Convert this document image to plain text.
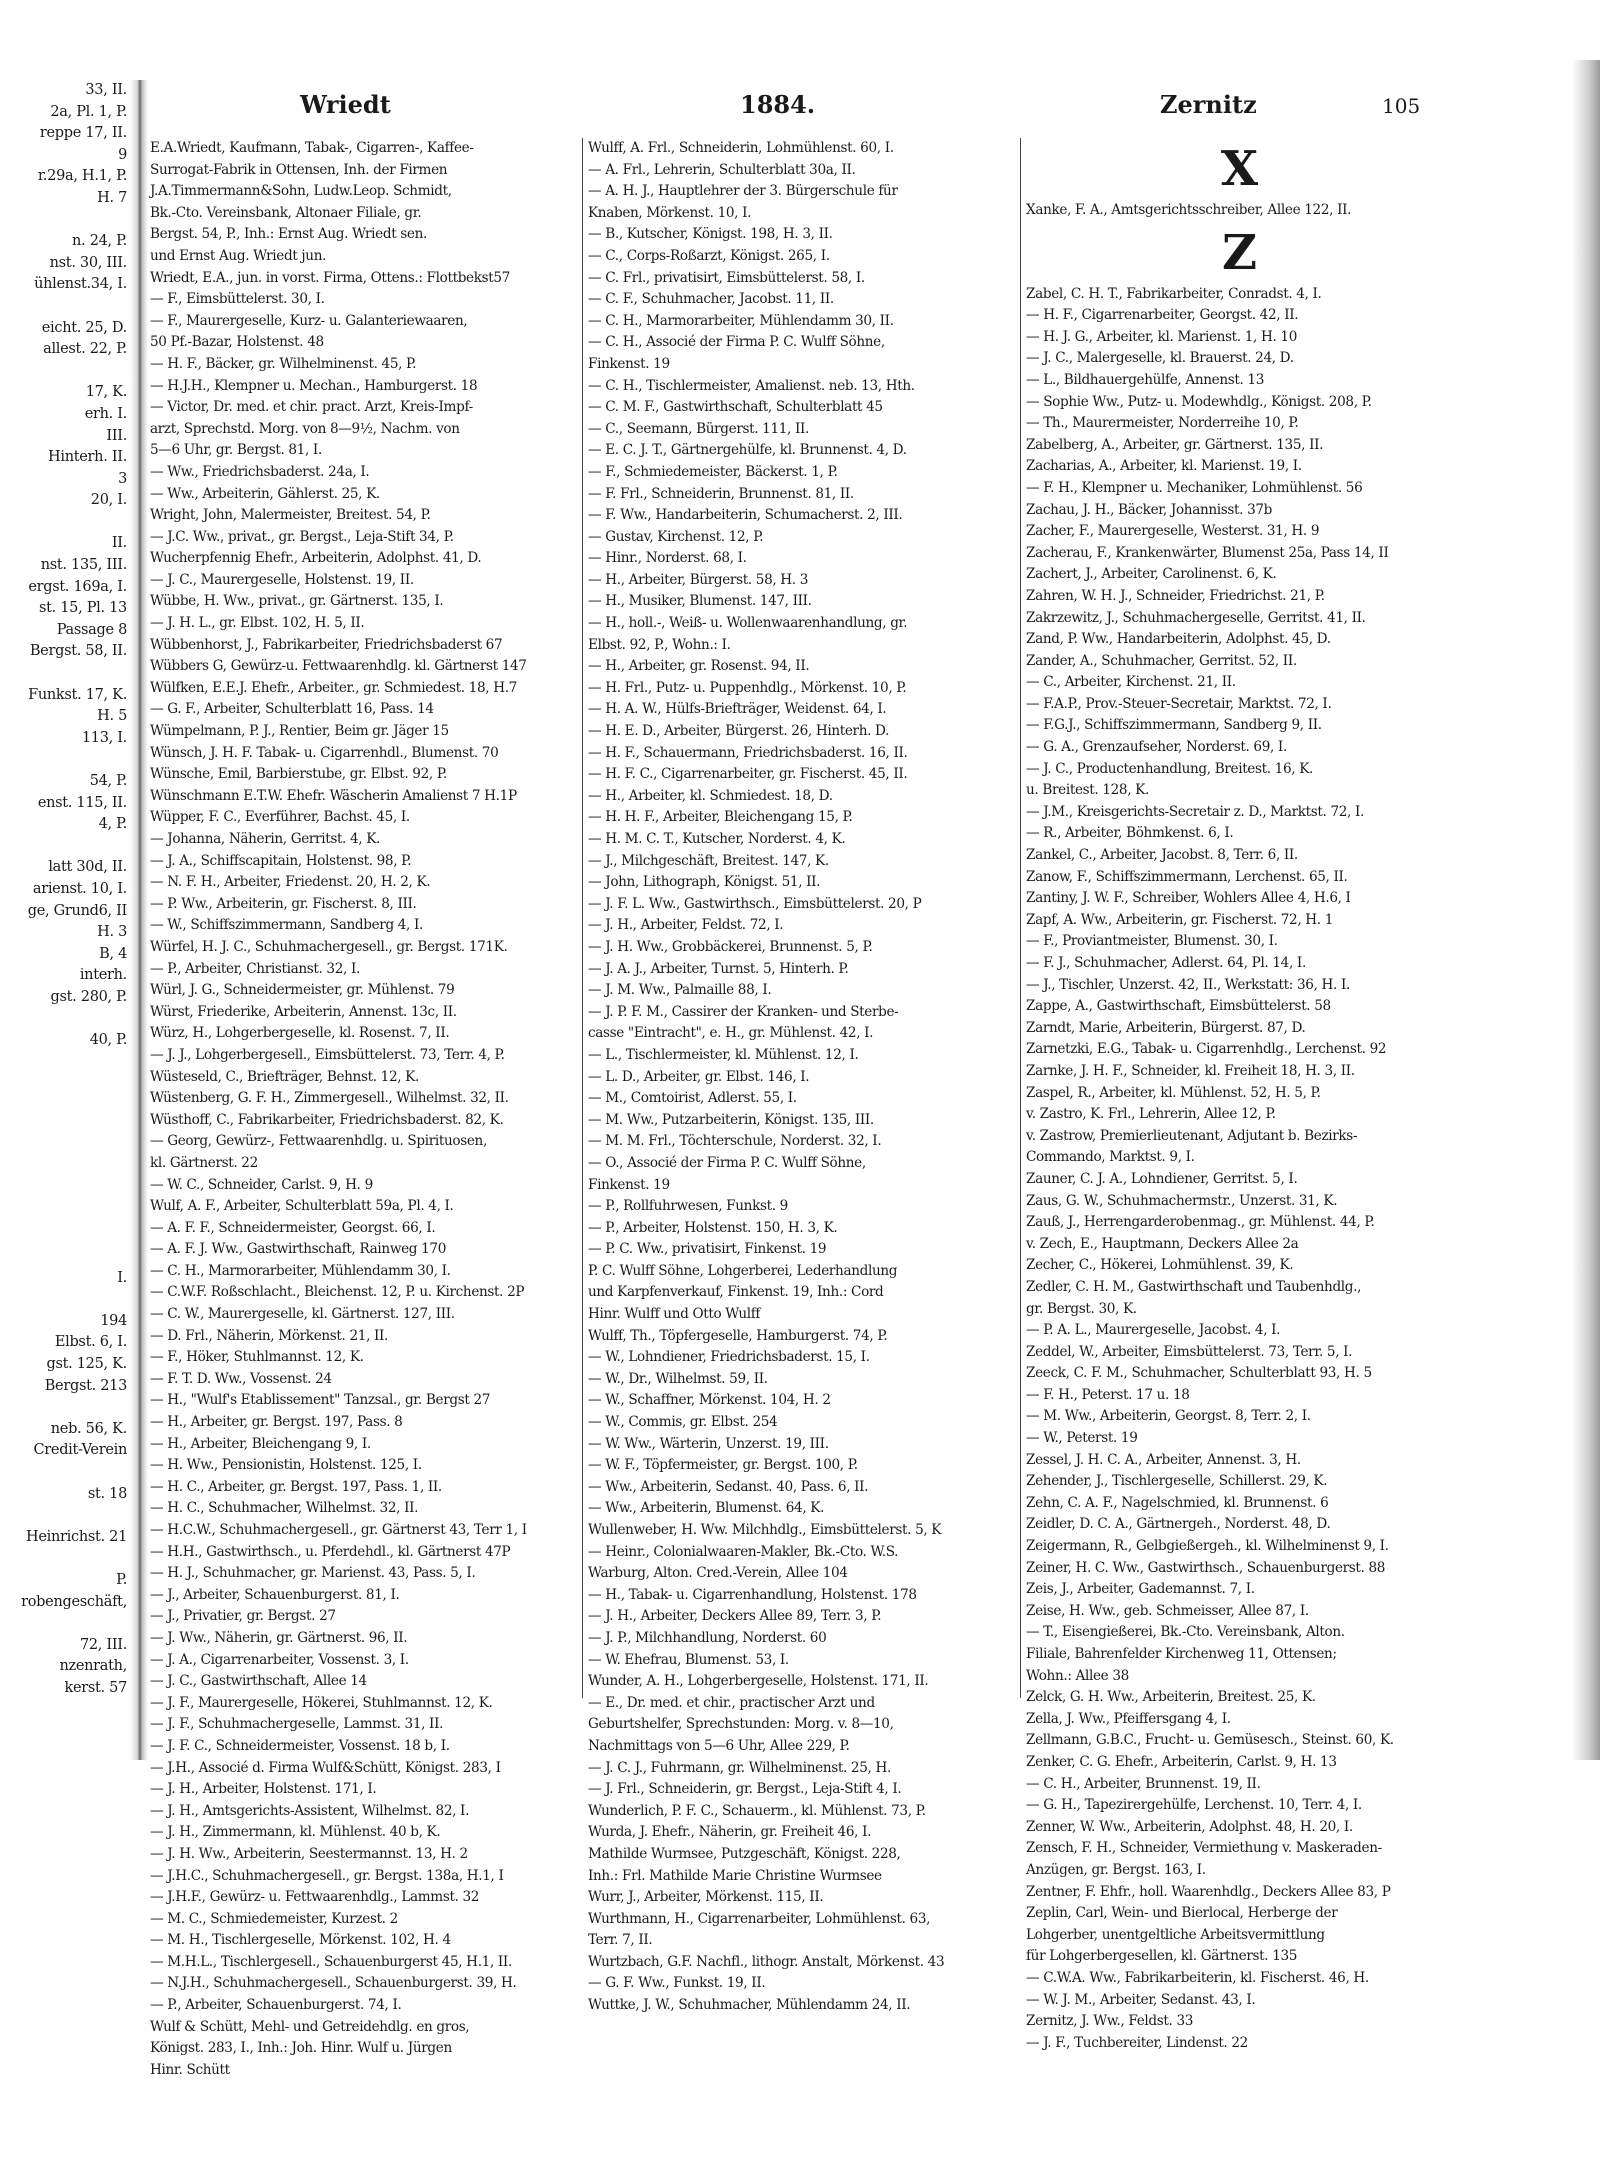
33, II.
2a, Pl. 1, P.
reppe 17, II.
9
r.29a, H.1, P.
H. 7

n. 24, P.
nst. 30, III.
ühlenst.34, I.

eicht. 25, D.
allest. 22, P.

17, K.
erh. I.
III.
Hinterh. II.
3
20, I.

II.
nst. 135, III.
ergst. 169a, I.
st. 15, Pl. 13
Passage 8
Bergst. 58, II.

Funkst. 17, K.
H. 5
113, I.

54, P.
enst. 115, II.
4, P.

latt 30d, II.
arienst. 10, I.
ge, Grund6, II
H. 3
B, 4
interh.
gst. 280, P.

40, P.

I.

194
Elbst. 6, I.
gst. 125, K.
Bergst. 213

neb. 56, K.
Credit-Verein

st. 18

Heinrichst. 21

P.
robengeschäft,

72, III.
nzenrath,
kerst. 57
Wriedt	1884.	Zernitz	105
E.A.Wriedt, Kaufmann, Tabak-, Cigarren-, Kaffee-
Surrogat-Fabrik in Ottensen, Inh. der Firmen
J.A.Timmermann&Sohn, Ludw.Leop. Schmidt,
Bk.-Cto. Vereinsbank, Altonaer Filiale, gr.
Bergst. 54, P., Inh.: Ernst Aug. Wriedt sen.
und Ernst Aug. Wriedt jun.
Wriedt, E.A., jun. in vorst. Firma, Ottens.: Flottbekst57
— F., Eimsbüttelerst. 30, I.
— F., Maurergeselle, Kurz- u. Galanteriewaaren,
50 Pf.-Bazar, Holstenst. 48
— H. F., Bäcker, gr. Wilhelminenst. 45, P.
— H.J.H., Klempner u. Mechan., Hamburgerst. 18
— Victor, Dr. med. et chir. pract. Arzt, Kreis-Impf-
arzt, Sprechstd. Morg. von 8—9½, Nachm. von
5—6 Uhr, gr. Bergst. 81, I.
— Ww., Friedrichsbaderst. 24a, I.
— Ww., Arbeiterin, Gählerst. 25, K.
Wright, John, Malermeister, Breitest. 54, P.
— J.C. Ww., privat., gr. Bergst., Leja-Stift 34, P.
Wucherpfennig Ehefr., Arbeiterin, Adolphst. 41, D.
— J. C., Maurergeselle, Holstenst. 19, II.
Wübbe, H. Ww., privat., gr. Gärtnerst. 135, I.
— J. H. L., gr. Elbst. 102, H. 5, II.
Wübbenhorst, J., Fabrikarbeiter, Friedrichsbaderst 67
Wübbers G, Gewürz-u. Fettwaarenhdlg. kl. Gärtnerst 147
Wülfken, E.E.J. Ehefr., Arbeiter., gr. Schmiedest. 18, H.7
— G. F., Arbeiter, Schulterblatt 16, Pass. 14
Wümpelmann, P. J., Rentier, Beim gr. Jäger 15
Wünsch, J. H. F. Tabak- u. Cigarrenhdl., Blumenst. 70
Wünsche, Emil, Barbierstube, gr. Elbst. 92, P.
Wünschmann E.T.W. Ehefr. Wäscherin Amalienst 7 H.1P
Wüpper, F. C., Everführer, Bachst. 45, I.
— Johanna, Näherin, Gerritst. 4, K.
— J. A., Schiffscapitain, Holstenst. 98, P.
— N. F. H., Arbeiter, Friedenst. 20, H. 2, K.
— P. Ww., Arbeiterin, gr. Fischerst. 8, III.
— W., Schiffszimmermann, Sandberg 4, I.
Würfel, H. J. C., Schuhmachergesell., gr. Bergst. 171K.
— P., Arbeiter, Christianst. 32, I.
Würl, J. G., Schneidermeister, gr. Mühlenst. 79
Würst, Friederike, Arbeiterin, Annenst. 13c, II.
Würz, H., Lohgerbergeselle, kl. Rosenst. 7, II.
— J. J., Lohgerbergesell., Eimsbüttelerst. 73, Terr. 4, P.
Wüsteseld, C., Briefträger, Behnst. 12, K.
Wüstenberg, G. F. H., Zimmergesell., Wilhelmst. 32, II.
Wüsthoff, C., Fabrikarbeiter, Friedrichsbaderst. 82, K.
— Georg, Gewürz-, Fettwaarenhdlg. u. Spirituosen,
kl. Gärtnerst. 22
— W. C., Schneider, Carlst. 9, H. 9
Wulf, A. F., Arbeiter, Schulterblatt 59a, Pl. 4, I.
— A. F. F., Schneidermeister, Georgst. 66, I.
— A. F. J. Ww., Gastwirthschaft, Rainweg 170
— C. H., Marmorarbeiter, Mühlendamm 30, I.
— C.W.F. Roßschlacht., Bleichenst. 12, P. u. Kirchenst. 2P
— C. W., Maurergeselle, kl. Gärtnerst. 127, III.
— D. Frl., Näherin, Mörkenst. 21, II.
— F., Höker, Stuhlmannst. 12, K.
— F. T. D. Ww., Vossenst. 24
— H., "Wulf's Etablissement" Tanzsal., gr. Bergst 27
— H., Arbeiter, gr. Bergst. 197, Pass. 8
— H., Arbeiter, Bleichengang 9, I.
— H. Ww., Pensionistin, Holstenst. 125, I.
— H. C., Arbeiter, gr. Bergst. 197, Pass. 1, II.
— H. C., Schuhmacher, Wilhelmst. 32, II.
— H.C.W., Schuhmachergesell., gr. Gärtnerst 43, Terr 1, I
— H.H., Gastwirthsch., u. Pferdehdl., kl. Gärtnerst 47P
— H. J., Schuhmacher, gr. Marienst. 43, Pass. 5, I.
— J., Arbeiter, Schauenburgerst. 81, I.
— J., Privatier, gr. Bergst. 27
— J. Ww., Näherin, gr. Gärtnerst. 96, II.
— J. A., Cigarrenarbeiter, Vossenst. 3, I.
— J. C., Gastwirthschaft, Allee 14
— J. F., Maurergeselle, Hökerei, Stuhlmannst. 12, K.
— J. F., Schuhmachergeselle, Lammst. 31, II.
— J. F. C., Schneidermeister, Vossenst. 18 b, I.
— J.H., Associé d. Firma Wulf&Schütt, Königst. 283, I
— J. H., Arbeiter, Holstenst. 171, I.
— J. H., Amtsgerichts-Assistent, Wilhelmst. 82, I.
— J. H., Zimmermann, kl. Mühlenst. 40 b, K.
— J. H. Ww., Arbeiterin, Seestermannst. 13, H. 2
— J.H.C., Schuhmachergesell., gr. Bergst. 138a, H.1, I
— J.H.F., Gewürz- u. Fettwaarenhdlg., Lammst. 32
— M. C., Schmiedemeister, Kurzest. 2
— M. H., Tischlergeselle, Mörkenst. 102, H. 4
— M.H.L., Tischlergesell., Schauenburgerst 45, H.1, II.
— N.J.H., Schuhmachergesell., Schauenburgerst. 39, H.
— P., Arbeiter, Schauenburgerst. 74, I.
Wulf & Schütt, Mehl- und Getreidehdlg. en gros,
Königst. 283, I., Inh.: Joh. Hinr. Wulf u. Jürgen
Hinr. Schütt
Wulff, A. Frl., Schneiderin, Lohmühlenst. 60, I.
— A. Frl., Lehrerin, Schulterblatt 30a, II.
— A. H. J., Hauptlehrer der 3. Bürgerschule für
Knaben, Mörkenst. 10, I.
— B., Kutscher, Königst. 198, H. 3, II.
— C., Corps-Roßarzt, Königst. 265, I.
— C. Frl., privatisirt, Eimsbüttelerst. 58, I.
— C. F., Schuhmacher, Jacobst. 11, II.
— C. H., Marmorarbeiter, Mühlendamm 30, II.
— C. H., Associé der Firma P. C. Wulff Söhne,
Finkenst. 19
— C. H., Tischlermeister, Amalienst. neb. 13, Hth.
— C. M. F., Gastwirthschaft, Schulterblatt 45
— C., Seemann, Bürgerst. 111, II.
— E. C. J. T., Gärtnergehülfe, kl. Brunnenst. 4, D.
— F., Schmiedemeister, Bäckerst. 1, P.
— F. Frl., Schneiderin, Brunnenst. 81, II.
— F. Ww., Handarbeiterin, Schumacherst. 2, III.
— Gustav, Kirchenst. 12, P.
— Hinr., Norderst. 68, I.
— H., Arbeiter, Bürgerst. 58, H. 3
— H., Musiker, Blumenst. 147, III.
— H., holl.-, Weiß- u. Wollenwaarenhandlung, gr.
Elbst. 92, P., Wohn.: I.
— H., Arbeiter, gr. Rosenst. 94, II.
— H. Frl., Putz- u. Puppenhdlg., Mörkenst. 10, P.
— H. A. W., Hülfs-Briefträger, Weidenst. 64, I.
— H. E. D., Arbeiter, Bürgerst. 26, Hinterh. D.
— H. F., Schauermann, Friedrichsbaderst. 16, II.
— H. F. C., Cigarrenarbeiter, gr. Fischerst. 45, II.
— H., Arbeiter, kl. Schmiedest. 18, D.
— H. H. F., Arbeiter, Bleichengang 15, P.
— H. M. C. T., Kutscher, Norderst. 4, K.
— J., Milchgeschäft, Breitest. 147, K.
— John, Lithograph, Königst. 51, II.
— J. F. L. Ww., Gastwirthsch., Eimsbüttelerst. 20, P
— J. H., Arbeiter, Feldst. 72, I.
— J. H. Ww., Grobbäckerei, Brunnenst. 5, P.
— J. A. J., Arbeiter, Turnst. 5, Hinterh. P.
— J. M. Ww., Palmaille 88, I.
— J. P. F. M., Cassirer der Kranken- und Sterbe-
casse "Eintracht", e. H., gr. Mühlenst. 42, I.
— L., Tischlermeister, kl. Mühlenst. 12, I.
— L. D., Arbeiter, gr. Elbst. 146, I.
— M., Comtoirist, Adlerst. 55, I.
— M. Ww., Putzarbeiterin, Königst. 135, III.
— M. M. Frl., Töchterschule, Norderst. 32, I.
— O., Associé der Firma P. C. Wulff Söhne,
Finkenst. 19
— P., Rollfuhrwesen, Funkst. 9
— P., Arbeiter, Holstenst. 150, H. 3, K.
— P. C. Ww., privatisirt, Finkenst. 19
P. C. Wulff Söhne, Lohgerberei, Lederhandlung
und Karpfenverkauf, Finkenst. 19, Inh.: Cord
Hinr. Wulff und Otto Wulff
Wulff, Th., Töpfergeselle, Hamburgerst. 74, P.
— W., Lohndiener, Friedrichsbaderst. 15, I.
— W., Dr., Wilhelmst. 59, II.
— W., Schaffner, Mörkenst. 104, H. 2
— W., Commis, gr. Elbst. 254
— W. Ww., Wärterin, Unzerst. 19, III.
— W. F., Töpfermeister, gr. Bergst. 100, P.
— Ww., Arbeiterin, Sedanst. 40, Pass. 6, II.
— Ww., Arbeiterin, Blumenst. 64, K.
Wullenweber, H. Ww. Milchhdlg., Eimsbüttelerst. 5, K
— Heinr., Colonialwaaren-Makler, Bk.-Cto. W.S.
Warburg, Alton. Cred.-Verein, Allee 104
— H., Tabak- u. Cigarrenhandlung, Holstenst. 178
— J. H., Arbeiter, Deckers Allee 89, Terr. 3, P.
— J. P., Milchhandlung, Norderst. 60
— W. Ehefrau, Blumenst. 53, I.
Wunder, A. H., Lohgerbergeselle, Holstenst. 171, II.
— E., Dr. med. et chir., practischer Arzt und
Geburtshelfer, Sprechstunden: Morg. v. 8—10,
Nachmittags von 5—6 Uhr, Allee 229, P.
— J. C. J., Fuhrmann, gr. Wilhelminenst. 25, H.
— J. Frl., Schneiderin, gr. Bergst., Leja-Stift 4, I.
Wunderlich, P. F. C., Schauerm., kl. Mühlenst. 73, P.
Wurda, J. Ehefr., Näherin, gr. Freiheit 46, I.
Mathilde Wurmsee, Putzgeschäft, Königst. 228,
Inh.: Frl. Mathilde Marie Christine Wurmsee
Wurr, J., Arbeiter, Mörkenst. 115, II.
Wurthmann, H., Cigarrenarbeiter, Lohmühlenst. 63,
Terr. 7, II.
Wurtzbach, G.F. Nachfl., lithogr. Anstalt, Mörkenst. 43
— G. F. Ww., Funkst. 19, II.
Wuttke, J. W., Schuhmacher, Mühlendamm 24, II.
X
Xanke, F. A., Amtsgerichtsschreiber, Allee 122, II.
Z
Zabel, C. H. T., Fabrikarbeiter, Conradst. 4, I.
— H. F., Cigarrenarbeiter, Georgst. 42, II.
— H. J. G., Arbeiter, kl. Marienst. 1, H. 10
— J. C., Malergeselle, kl. Brauerst. 24, D.
— L., Bildhauergehülfe, Annenst. 13
— Sophie Ww., Putz- u. Modewhdlg., Königst. 208, P.
— Th., Maurermeister, Norderreihe 10, P.
Zabelberg, A., Arbeiter, gr. Gärtnerst. 135, II.
Zacharias, A., Arbeiter, kl. Marienst. 19, I.
— F. H., Klempner u. Mechaniker, Lohmühlenst. 56
Zachau, J. H., Bäcker, Johannisst. 37b
Zacher, F., Maurergeselle, Westerst. 31, H. 9
Zacherau, F., Krankenwärter, Blumenst 25a, Pass 14, II
Zachert, J., Arbeiter, Carolinenst. 6, K.
Zahren, W. H. J., Schneider, Friedrichst. 21, P.
Zakrzewitz, J., Schuhmachergeselle, Gerritst. 41, II.
Zand, P. Ww., Handarbeiterin, Adolphst. 45, D.
Zander, A., Schuhmacher, Gerritst. 52, II.
— C., Arbeiter, Kirchenst. 21, II.
— F.A.P., Prov.-Steuer-Secretair, Marktst. 72, I.
— F.G.J., Schiffszimmermann, Sandberg 9, II.
— G. A., Grenzaufseher, Norderst. 69, I.
— J. C., Productenhandlung, Breitest. 16, K.
u. Breitest. 128, K.
— J.M., Kreisgerichts-Secretair z. D., Marktst. 72, I.
— R., Arbeiter, Böhmkenst. 6, I.
Zankel, C., Arbeiter, Jacobst. 8, Terr. 6, II.
Zanow, F., Schiffszimmermann, Lerchenst. 65, II.
Zantiny, J. W. F., Schreiber, Wohlers Allee 4, H.6, I
Zapf, A. Ww., Arbeiterin, gr. Fischerst. 72, H. 1
— F., Proviantmeister, Blumenst. 30, I.
— F. J., Schuhmacher, Adlerst. 64, Pl. 14, I.
— J., Tischler, Unzerst. 42, II., Werkstatt: 36, H. I.
Zappe, A., Gastwirthschaft, Eimsbüttelerst. 58
Zarndt, Marie, Arbeiterin, Bürgerst. 87, D.
Zarnetzki, E.G., Tabak- u. Cigarrenhdlg., Lerchenst. 92
Zarnke, J. H. F., Schneider, kl. Freiheit 18, H. 3, II.
Zaspel, R., Arbeiter, kl. Mühlenst. 52, H. 5, P.
v. Zastro, K. Frl., Lehrerin, Allee 12, P.
v. Zastrow, Premierlieutenant, Adjutant b. Bezirks-
Commando, Marktst. 9, I.
Zauner, C. J. A., Lohndiener, Gerritst. 5, I.
Zaus, G. W., Schuhmachermstr., Unzerst. 31, K.
Zauß, J., Herrengarderobenmag., gr. Mühlenst. 44, P.
v. Zech, E., Hauptmann, Deckers Allee 2a
Zecher, C., Hökerei, Lohmühlenst. 39, K.
Zedler, C. H. M., Gastwirthschaft und Taubenhdlg.,
gr. Bergst. 30, K.
— P. A. L., Maurergeselle, Jacobst. 4, I.
Zeddel, W., Arbeiter, Eimsbüttelerst. 73, Terr. 5, I.
Zeeck, C. F. M., Schuhmacher, Schulterblatt 93, H. 5
— F. H., Peterst. 17 u. 18
— M. Ww., Arbeiterin, Georgst. 8, Terr. 2, I.
— W., Peterst. 19
Zessel, J. H. C. A., Arbeiter, Annenst. 3, H.
Zehender, J., Tischlergeselle, Schillerst. 29, K.
Zehn, C. A. F., Nagelschmied, kl. Brunnenst. 6
Zeidler, D. C. A., Gärtnergeh., Norderst. 48, D.
Zeigermann, R., Gelbgießergeh., kl. Wilhelminenst 9, I.
Zeiner, H. C. Ww., Gastwirthsch., Schauenburgerst. 88
Zeis, J., Arbeiter, Gademannst. 7, I.
Zeise, H. Ww., geb. Schmeisser, Allee 87, I.
— T., Eisengießerei, Bk.-Cto. Vereinsbank, Alton.
Filiale, Bahrenfelder Kirchenweg 11, Ottensen;
Wohn.: Allee 38
Zelck, G. H. Ww., Arbeiterin, Breitest. 25, K.
Zella, J. Ww., Pfeiffersgang 4, I.
Zellmann, G.B.C., Frucht- u. Gemüsesch., Steinst. 60, K.
Zenker, C. G. Ehefr., Arbeiterin, Carlst. 9, H. 13
— C. H., Arbeiter, Brunnenst. 19, II.
— G. H., Tapezirergehülfe, Lerchenst. 10, Terr. 4, I.
Zenner, W. Ww., Arbeiterin, Adolphst. 48, H. 20, I.
Zensch, F. H., Schneider, Vermiethung v. Maskeraden-
Anzügen, gr. Bergst. 163, I.
Zentner, F. Ehfr., holl. Waarenhdlg., Deckers Allee 83, P
Zeplin, Carl, Wein- und Bierlocal, Herberge der
Lohgerber, unentgeltliche Arbeitsvermittlung
für Lohgerbergesellen, kl. Gärtnerst. 135
— C.W.A. Ww., Fabrikarbeiterin, kl. Fischerst. 46, H.
— W. J. M., Arbeiter, Sedanst. 43, I.
Zernitz, J. Ww., Feldst. 33
— J. F., Tuchbereiter, Lindenst. 22
